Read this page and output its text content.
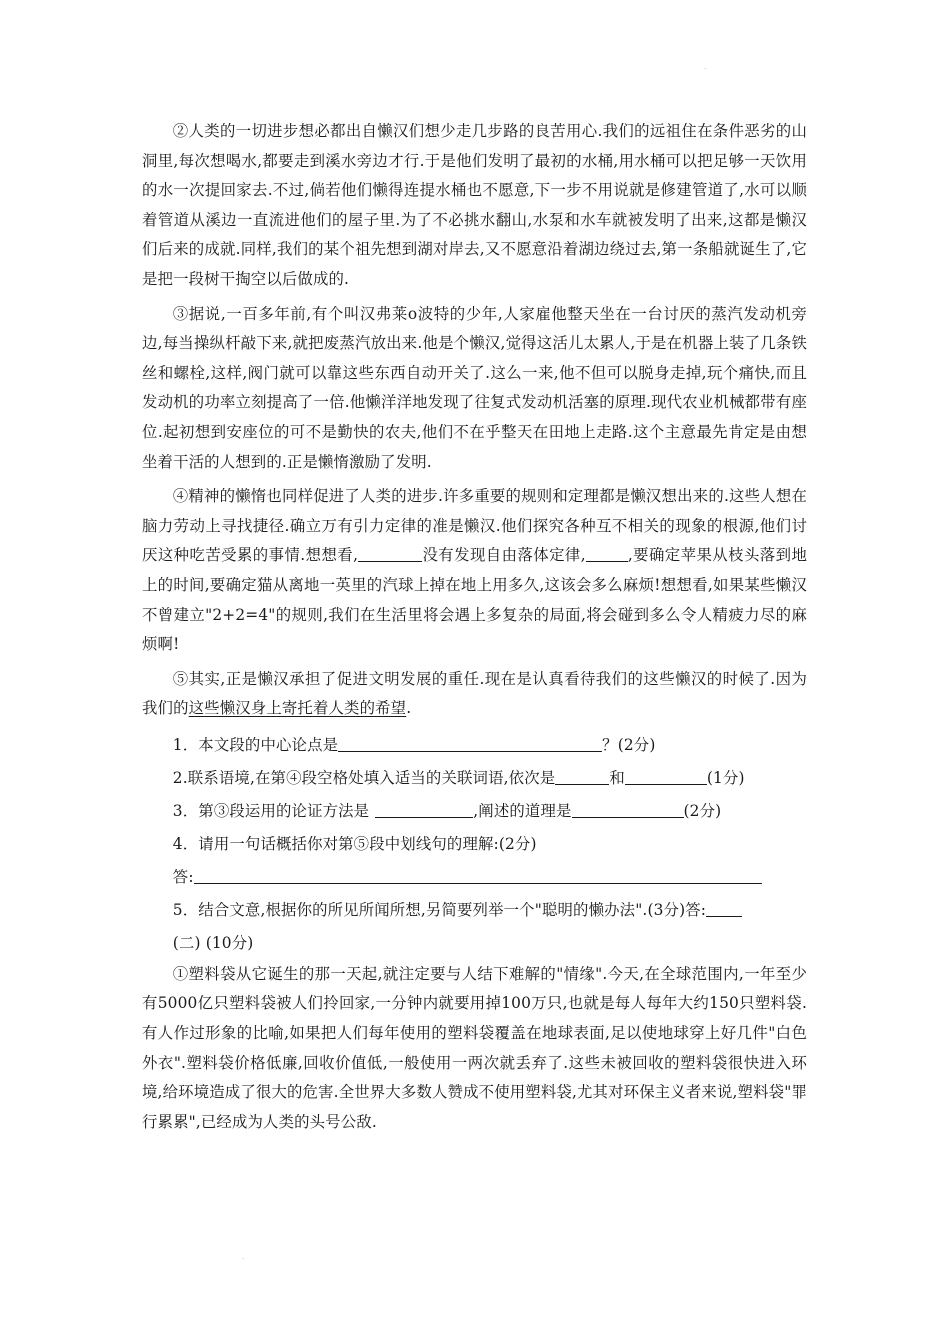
.

②人类的一切进步想必都出自懒汉们想少走几步路的良苦用心.我们的远祖住在条件恶劣的山洞里,每次想喝水,都要走到溪水旁边才行.于是他们发明了最初的水桶,用水桶可以把足够一天饮用的水一次提回家去.不过,倘若他们懒得连提水桶也不愿意,下一步不用说就是修建管道了,水可以顺着管道从溪边一直流进他们的屋子里.为了不必挑水翻山,水泵和水车就被发明了出来,这都是懒汉们后来的成就.同样,我们的某个祖先想到湖对岸去,又不愿意沿着湖边绕过去,第一条船就诞生了,它是把一段树干掏空以后做成的.

③据说,一百多年前,有个叫汉弗莱o波特的少年,人家雇他整天坐在一台讨厌的蒸汽发动机旁边,每当操纵杆敲下来,就把废蒸汽放出来.他是个懒汉,觉得这活儿太累人,于是在机器上装了几条铁丝和螺栓,这样,阀门就可以靠这些东西自动开关了.这么一来,他不但可以脱身走掉,玩个痛快,而且发动机的功率立刻提高了一倍.他懒洋洋地发现了往复式发动机活塞的原理.现代农业机械都带有座位.起初想到安座位的可不是勤快的农夫,他们不在乎整天在田地上走路.这个主意最先肯定是由想坐着干活的人想到的.正是懒惰激励了发明.

④精神的懒惰也同样促进了人类的进步.许多重要的规则和定理都是懒汉想出来的.这些人想在脑力劳动上寻找捷径.确立万有引力定律的准是懒汉.他们探究各种互不相关的现象的根源,他们讨厌这种吃苦受累的事情.想想看,	没有发现自由落体定律,	,要确定苹果从枝头落到地上的时间,要确定猫从离地一英里的汽球上掉在地上用多久,这该会多么麻烦!想想看,如果某些懒汉不曾建立"2+2=4"的规则,我们在生活里将会遇上多复杂的局面,将会碰到多么令人精疲力尽的麻烦啊!

⑤其实,正是懒汉承担了促进文明发展的重任.现在是认真看待我们的这些懒汉的时候了.因为我们的这些懒汉身上寄托着人类的希望.

1．本文段的中心论点是	？(2分)
2.联系语境,在第④段空格处填入适当的关联词语,依次是	和	(1分)
3．第③段运用的论证方法是	,阐述的道理是	(2分)
4．请用一句话概括你对第⑤段中划线句的理解:(2分)
答:
5．结合文意,根据你的所见所闻所想,另简要列举一个"聪明的懒办法".(3分)答:
(二) (10分)

①塑料袋从它诞生的那一天起,就注定要与人结下难解的"情缘".今天,在全球范围内,一年至少有5000亿只塑料袋被人们拎回家,一分钟内就要用掉100万只,也就是每人每年大约150只塑料袋.有人作过形象的比喻,如果把人们每年使用的塑料袋覆盖在地球表面,足以使地球穿上好几件"白色外衣".塑料袋价格低廉,回收价值低,一般使用一两次就丢弃了.这些未被回收的塑料袋很快进入环境,给环境造成了很大的危害.全世界大多数人赞成不使用塑料袋,尤其对环保主义者来说,塑料袋"罪行累累",已经成为人类的头号公敌.

.
